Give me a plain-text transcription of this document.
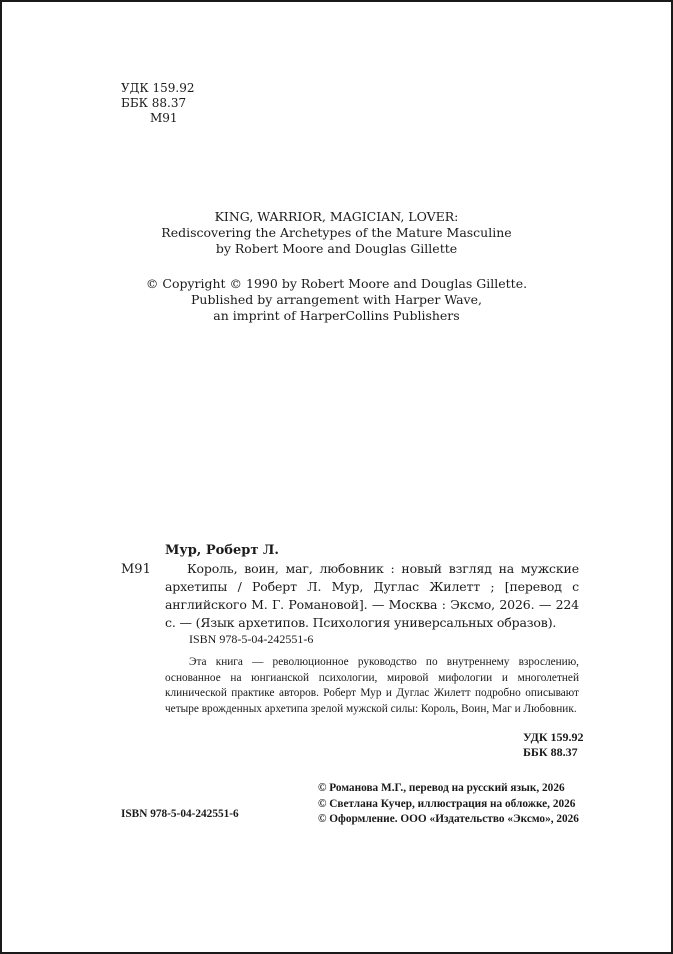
УДК 159.92
ББК 88.37
М91
KING, WARRIOR, MAGICIAN, LOVER:
Rediscovering the Archetypes of the Mature Masculine
by Robert Moore and Douglas Gillette
© Copyright © 1990 by Robert Moore and Douglas Gillette.
Published by arrangement with Harper Wave,
an imprint of HarperCollins Publishers
Мур, Роберт Л.
М91	Король, воин, маг, любовник : новый взгляд на мужские архетипы / Роберт Л. Мур, Дуглас Жилетт ; [перевод с английского М. Г. Романовой]. — Москва : Эксмо, 2026. — 224 с. — (Язык архетипов. Психология универсальных образов).

ISBN 978-5-04-242551-6

Эта книга — революционное руководство по внутреннему взрослению, основанное на юнгианской психологии, мировой мифологии и многолетней клинической практике авторов. Роберт Мур и Дуглас Жилетт подробно описывают четыре врожденных архетипа зрелой мужской силы: Король, Воин, Маг и Любовник.

УДК 159.92
ББК 88.37
© Романова М.Г., перевод на русский язык, 2026
© Светлана Кучер, иллюстрация на обложке, 2026
© Оформление. ООО «Издательство «Эксмо», 2026
ISBN 978-5-04-242551-6
